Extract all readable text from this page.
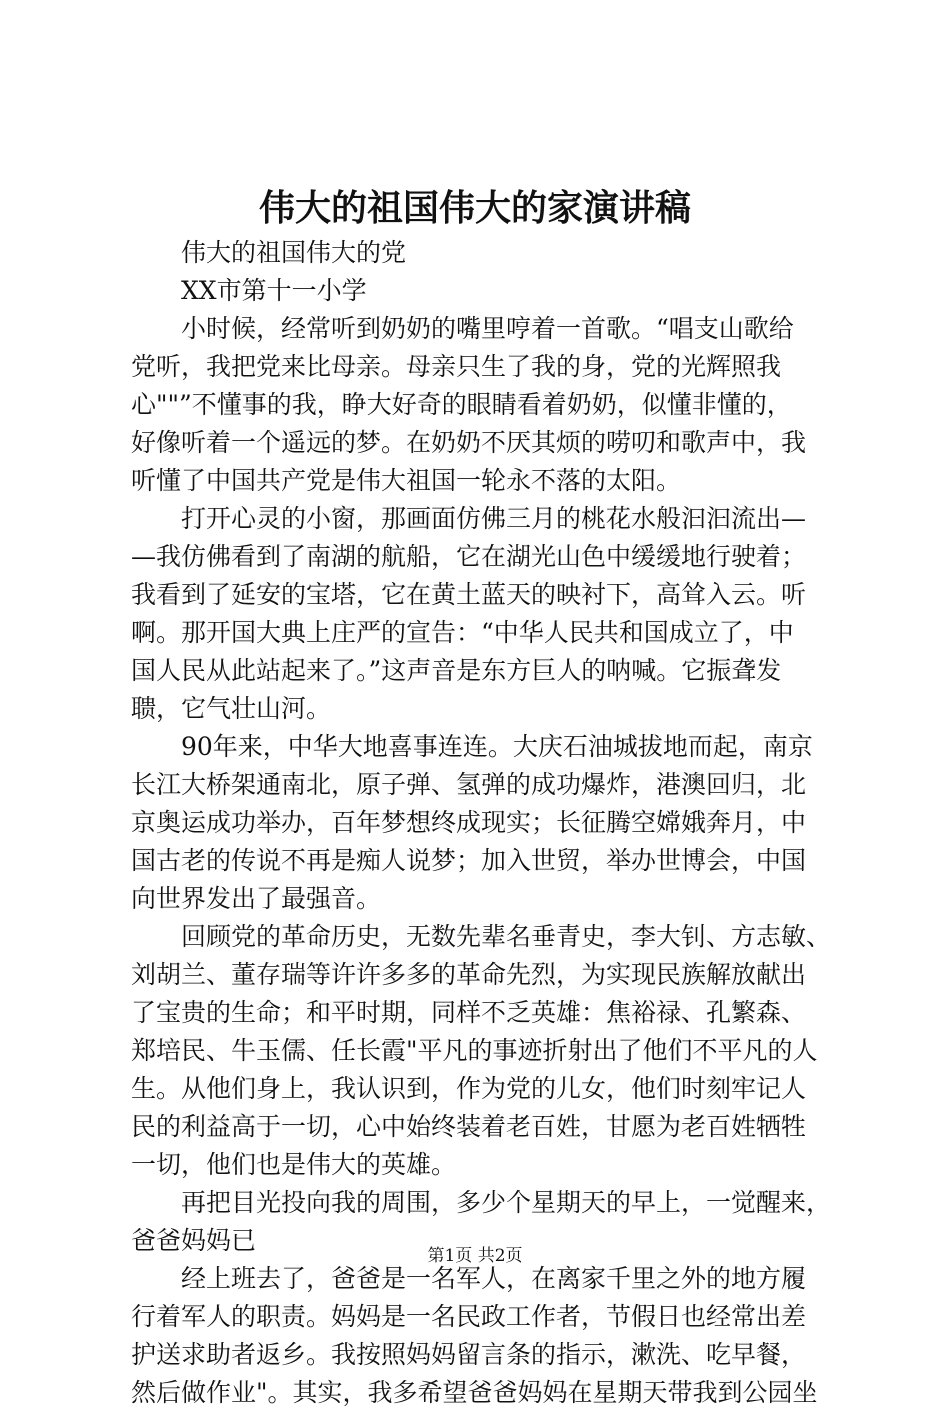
伟大的祖国伟大的家演讲稿
伟大的祖国伟大的党
XX市第十一小学
小时候，经常听到奶奶的嘴里哼着一首歌。“唱支山歌给
党听，我把党来比母亲。母亲只生了我的身，党的光辉照我
心""”不懂事的我，睁大好奇的眼睛看着奶奶，似懂非懂的，
好像听着一个遥远的梦。在奶奶不厌其烦的唠叨和歌声中，我
听懂了中国共产党是伟大祖国一轮永不落的太阳。
打开心灵的小窗，那画面仿佛三月的桃花水般汩汩流出—
—我仿佛看到了南湖的航船，它在湖光山色中缓缓地行驶着；
我看到了延安的宝塔，它在黄土蓝天的映衬下，高耸入云。听
啊。那开国大典上庄严的宣告：“中华人民共和国成立了，中
国人民从此站起来了。”这声音是东方巨人的呐喊。它振聋发
聩，它气壮山河。
90年来，中华大地喜事连连。大庆石油城拔地而起，南京
长江大桥架通南北，原子弹、氢弹的成功爆炸，港澳回归，北
京奥运成功举办，百年梦想终成现实；长征腾空嫦娥奔月，中
国古老的传说不再是痴人说梦；加入世贸，举办世博会，中国
向世界发出了最强音。
回顾党的革命历史，无数先辈名垂青史，李大钊、方志敏、
刘胡兰、董存瑞等许许多多的革命先烈，为实现民族解放献出
了宝贵的生命；和平时期，同样不乏英雄：焦裕禄、孔繁森、
郑培民、牛玉儒、任长霞"平凡的事迹折射出了他们不平凡的人
生。从他们身上，我认识到，作为党的儿女，他们时刻牢记人
民的利益高于一切，心中始终装着老百姓，甘愿为老百姓牺牲
一切，他们也是伟大的英雄。
再把目光投向我的周围，多少个星期天的早上，一觉醒来，
爸爸妈妈已
经上班去了，爸爸是一名军人，在离家千里之外的地方履
行着军人的职责。妈妈是一名民政工作者，节假日也经常出差
护送求助者返乡。我按照妈妈留言条的指示，漱洗、吃早餐，
然后做作业"。其实，我多希望爸爸妈妈在星期天带我到公园坐
第1页 共2页
